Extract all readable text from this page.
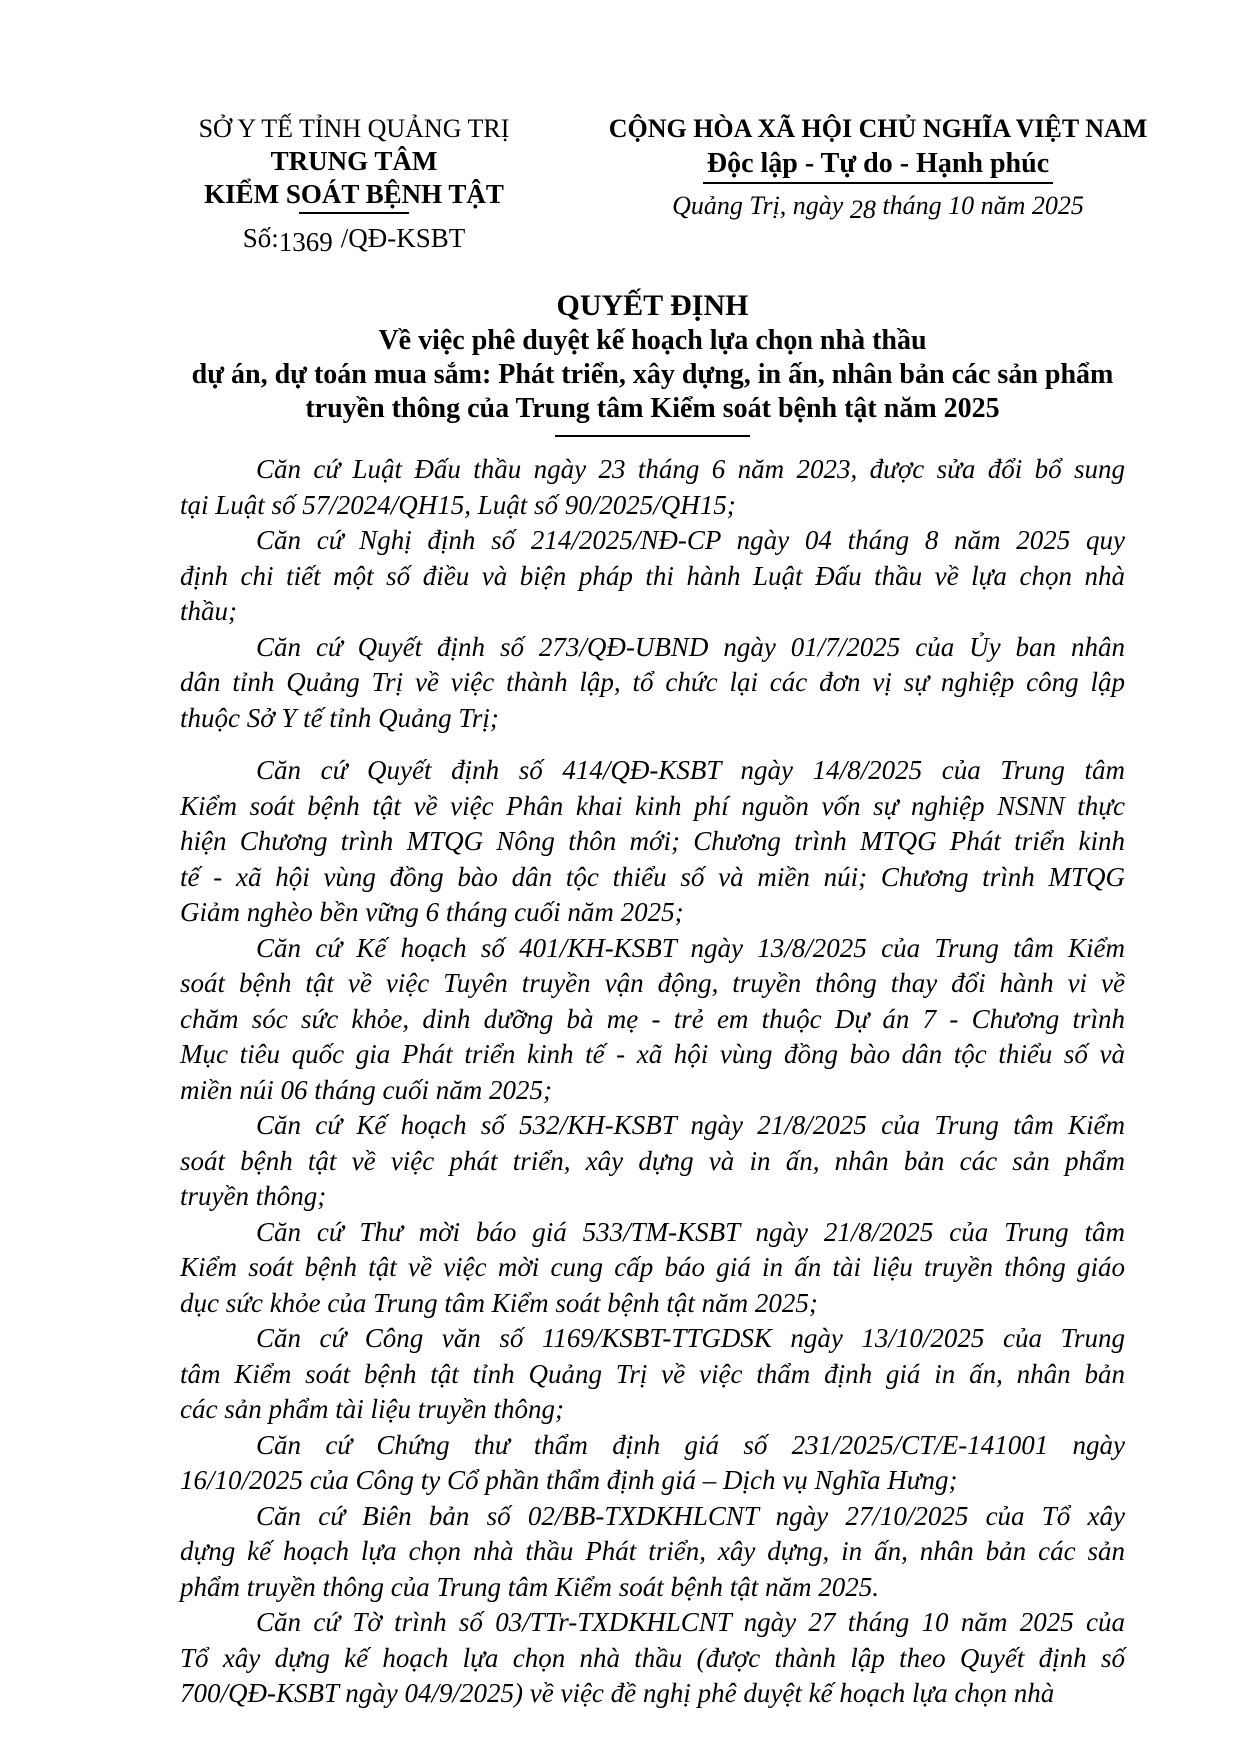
SỞ Y TẾ TỈNH QUẢNG TRỊ
TRUNG TÂM
KIỂM SOÁT BỆNH TẬT
Số:1369 /QĐ-KSBT
CỘNG HÒA XÃ HỘI CHỦ NGHĨA VIỆT NAM
Độc lập - Tự do - Hạnh phúc
Quảng Trị, ngày 28 tháng 10 năm 2025
QUYẾT ĐỊNH
Về việc phê duyệt kế hoạch lựa chọn nhà thầu
dự án, dự toán mua sắm: Phát triển, xây dựng, in ấn, nhân bản các sản phẩm
truyền thông của Trung tâm Kiểm soát bệnh tật năm 2025
Căn cứ Luật Đấu thầu ngày 23 tháng 6 năm 2023, được sửa đổi bổ sung
tại Luật số 57/2024/QH15, Luật số 90/2025/QH15;
Căn cứ Nghị định số 214/2025/NĐ-CP ngày 04 tháng 8 năm 2025 quy
định chi tiết một số điều và biện pháp thi hành Luật Đấu thầu về lựa chọn nhà
thầu;
Căn cứ Quyết định số 273/QĐ-UBND ngày 01/7/2025 của Ủy ban nhân
dân tỉnh Quảng Trị về việc thành lập, tổ chức lại các đơn vị sự nghiệp công lập
thuộc Sở Y tế tỉnh Quảng Trị;
Căn cứ Quyết định số 414/QĐ-KSBT ngày 14/8/2025 của Trung tâm
Kiểm soát bệnh tật về việc Phân khai kinh phí nguồn vốn sự nghiệp NSNN thực
hiện Chương trình MTQG Nông thôn mới; Chương trình MTQG Phát triển kinh
tế - xã hội vùng đồng bào dân tộc thiểu số và miền núi; Chương trình MTQG
Giảm nghèo bền vững 6 tháng cuối năm 2025;
Căn cứ Kế hoạch số 401/KH-KSBT ngày 13/8/2025 của Trung tâm Kiểm
soát bệnh tật về việc Tuyên truyền vận động, truyền thông thay đổi hành vi về
chăm sóc sức khỏe, dinh dưỡng bà mẹ - trẻ em thuộc Dự án 7 - Chương trình
Mục tiêu quốc gia Phát triển kinh tế - xã hội vùng đồng bào dân tộc thiểu số và
miền núi 06 tháng cuối năm 2025;
Căn cứ Kế hoạch số 532/KH-KSBT ngày 21/8/2025 của Trung tâm Kiểm
soát bệnh tật về việc phát triển, xây dựng và in ấn, nhân bản các sản phẩm
truyền thông;
Căn cứ Thư mời báo giá 533/TM-KSBT ngày 21/8/2025 của Trung tâm
Kiểm soát bệnh tật về việc mời cung cấp báo giá in ấn tài liệu truyền thông giáo
dục sức khỏe của Trung tâm Kiểm soát bệnh tật năm 2025;
Căn cứ Công văn số 1169/KSBT-TTGDSK ngày 13/10/2025 của Trung
tâm Kiểm soát bệnh tật tỉnh Quảng Trị về việc thẩm định giá in ấn, nhân bản
các sản phẩm tài liệu truyền thông;
Căn cứ Chứng thư thẩm định giá số 231/2025/CT/E-141001 ngày
16/10/2025 của Công ty Cổ phần thẩm định giá – Dịch vụ Nghĩa Hưng;
Căn cứ Biên bản số 02/BB-TXDKHLCNT ngày 27/10/2025 của Tổ xây
dựng kế hoạch lựa chọn nhà thầu Phát triển, xây dựng, in ấn, nhân bản các sản
phẩm truyền thông của Trung tâm Kiểm soát bệnh tật năm 2025.
Căn cứ Tờ trình số 03/TTr-TXDKHLCNT ngày 27 tháng 10 năm 2025 của
Tổ xây dựng kế hoạch lựa chọn nhà thầu (được thành lập theo Quyết định số
700/QĐ-KSBT ngày 04/9/2025) về việc đề nghị phê duyệt kế hoạch lựa chọn nhà
